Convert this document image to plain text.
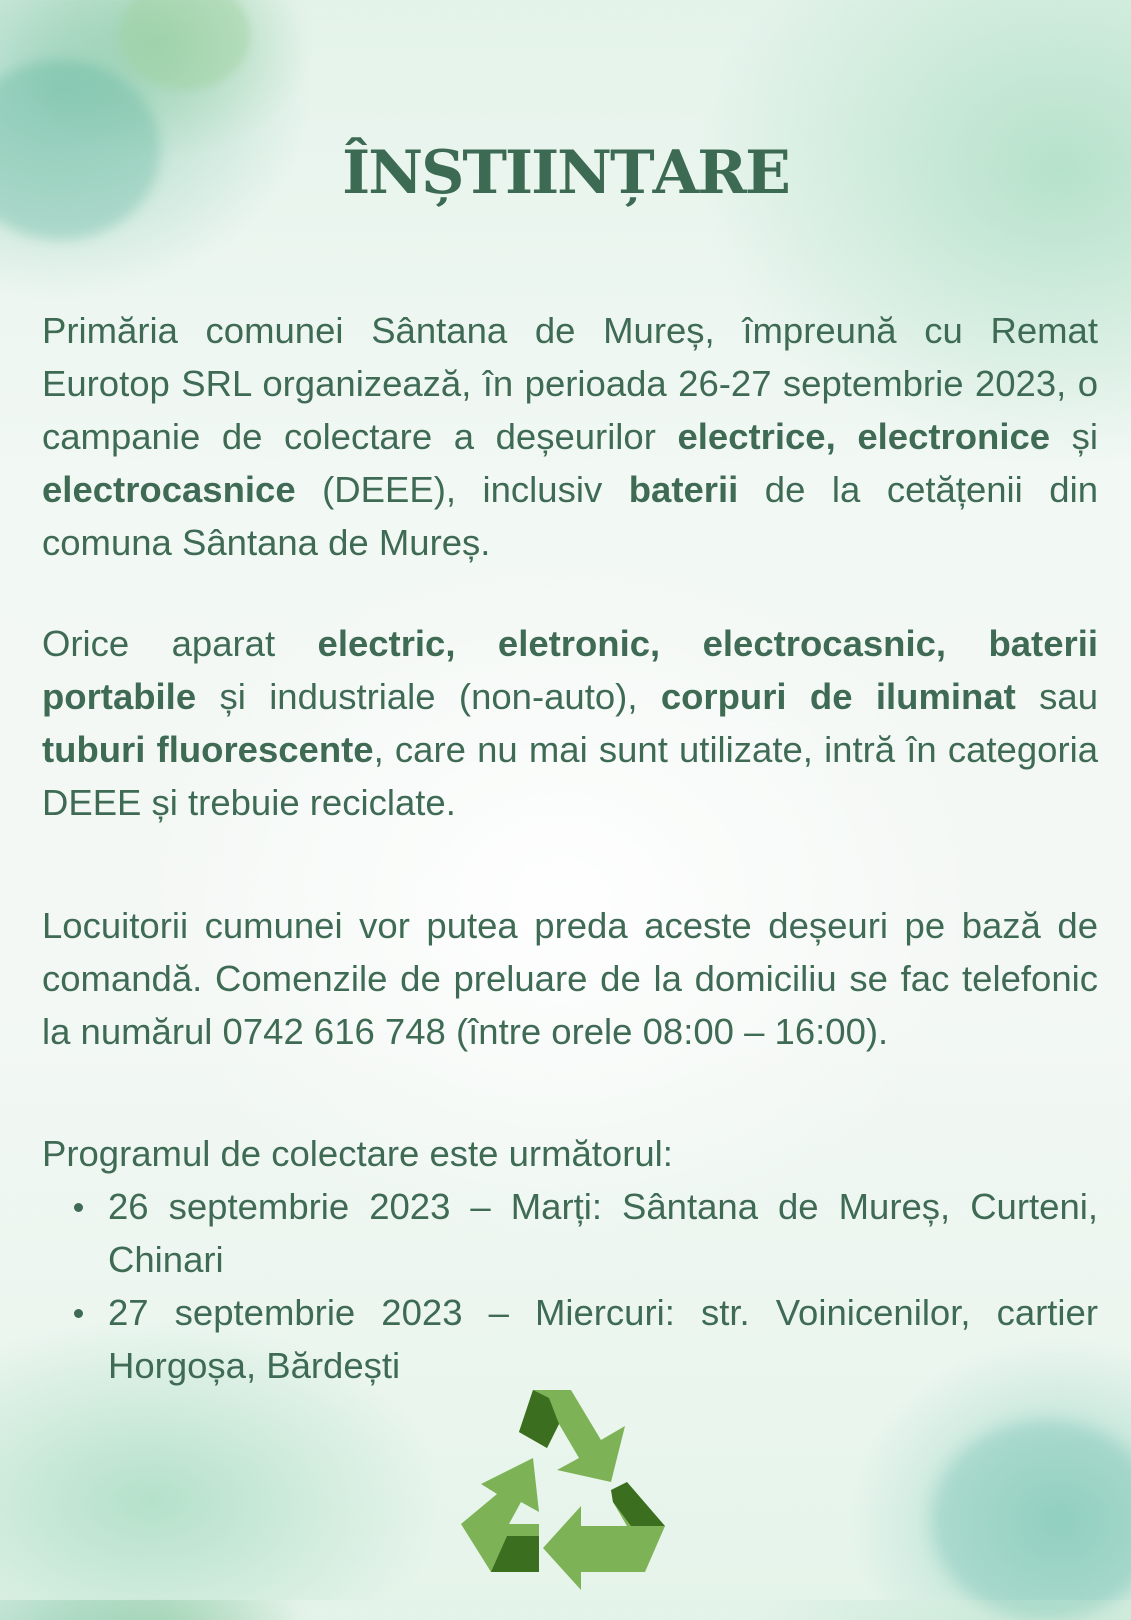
ÎNȘTIINȚARE

Primăria comunei Sântana de Mureș, împreună cu Remat Eurotop SRL organizează, în perioada 26-27 septembrie 2023, o campanie de colectare a deșeurilor electrice, electronice și electrocasnice (DEEE), inclusiv baterii de la cetățenii din comuna Sântana de Mureș.

Orice aparat electric, eletronic, electrocasnic, baterii portabile și industriale (non-auto), corpuri de iluminat sau tuburi fluorescente, care nu mai sunt utilizate, intră în categoria DEEE și trebuie reciclate.

Locuitorii cumunei vor putea preda aceste deșeuri pe bază de comandă. Comenzile de preluare de la domiciliu se fac telefonic la numărul 0742 616 748 (între orele 08:00 – 16:00).

Programul de colectare este următorul:

26 septembrie 2023 – Marți: Sântana de Mureș, Curteni, Chinari
27 septembrie 2023 – Miercuri: str. Voinicenilor, cartier Horgoșa, Bărdești
